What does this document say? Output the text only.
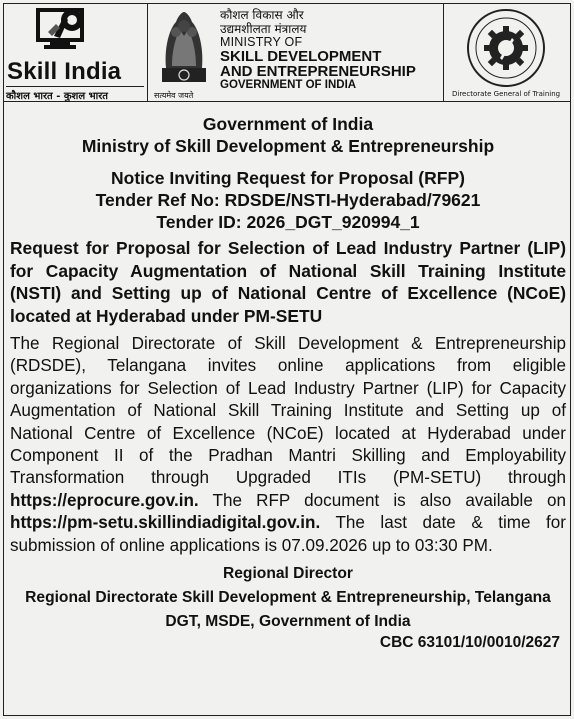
Skill India
कौशल भारत - कुशल भारत	सत्यमेव जयते
कौशल विकास और
उद्यमशीलता मंत्रालय
MINISTRY OF
SKILL DEVELOPMENT
AND ENTREPRENEURSHIP
GOVERNMENT OF INDIA
Directorate General of Training
Government of India
Ministry of Skill Development & Entrepreneurship
Notice Inviting Request for Proposal (RFP)
Tender Ref No: RDSDE/NSTI-Hyderabad/79621
Tender ID: 2026_DGT_920994_1
Request for Proposal for Selection of Lead Industry Partner (LIP) for Capacity Augmentation of National Skill Training Institute (NSTI) and Setting up of National Centre of Excellence (NCoE) located at Hyderabad under PM-SETU
The Regional Directorate of Skill Development & Entrepreneurship (RDSDE), Telangana invites online applications from eligible organizations for Selection of Lead Industry Partner (LIP) for Capacity Augmentation of National Skill Training Institute and Setting up of National Centre of Excellence (NCoE) located at Hyderabad under Component II of the Pradhan Mantri Skilling and Employability Transformation through Upgraded ITIs (PM-SETU) through https://eprocure.gov.in. The RFP document is also available on https://pm-setu.skillindiadigital.gov.in. The last date & time for submission of online applications is 07.09.2026 up to 03:30 PM.
Regional Director
Regional Directorate Skill Development & Entrepreneurship, Telangana
DGT, MSDE, Government of India
CBC 63101/10/0010/2627
